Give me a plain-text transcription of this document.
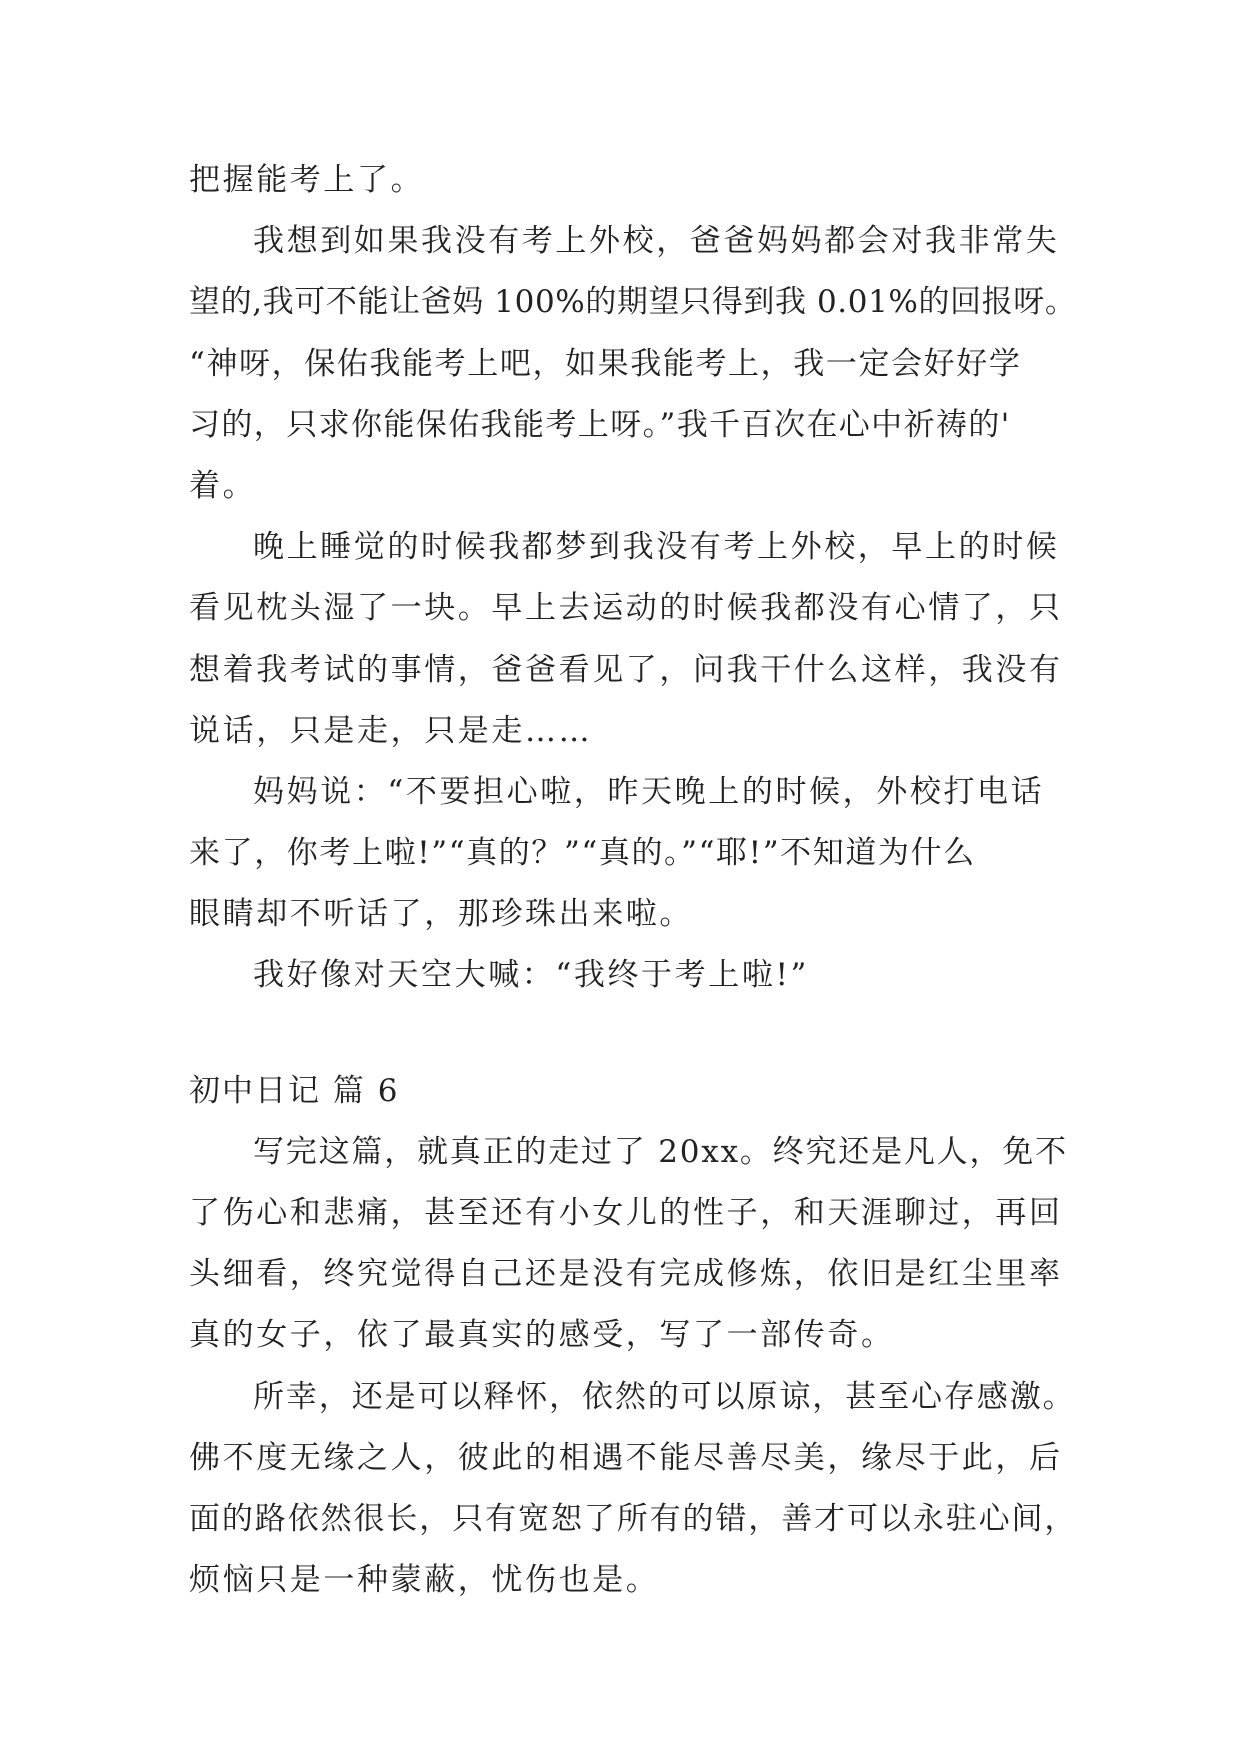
把握能考上了。
我想到如果我没有考上外校，爸爸妈妈都会对我非常失
望的,我可不能让爸妈 100%的期望只得到我 0.01%的回报呀。
“神呀，保佑我能考上吧，如果我能考上，我一定会好好学
习的，只求你能保佑我能考上呀。”我千百次在心中祈祷的'
着。
晚上睡觉的时候我都梦到我没有考上外校，早上的时候
看见枕头湿了一块。早上去运动的时候我都没有心情了，只
想着我考试的事情，爸爸看见了，问我干什么这样，我没有
说话，只是走，只是走……
妈妈说：“不要担心啦，昨天晚上的时候，外校打电话
来了，你考上啦!”“真的？”“真的。”“耶!”不知道为什么
眼睛却不听话了，那珍珠出来啦。
我好像对天空大喊：“我终于考上啦!”
初中日记 篇 6
写完这篇，就真正的走过了 20xx。终究还是凡人，免不
了伤心和悲痛，甚至还有小女儿的性子，和天涯聊过，再回
头细看，终究觉得自己还是没有完成修炼，依旧是红尘里率
真的女子，依了最真实的感受，写了一部传奇。
所幸，还是可以释怀，依然的可以原谅，甚至心存感激。
佛不度无缘之人，彼此的相遇不能尽善尽美，缘尽于此，后
面的路依然很长，只有宽恕了所有的错，善才可以永驻心间，
烦恼只是一种蒙蔽，忧伤也是。
